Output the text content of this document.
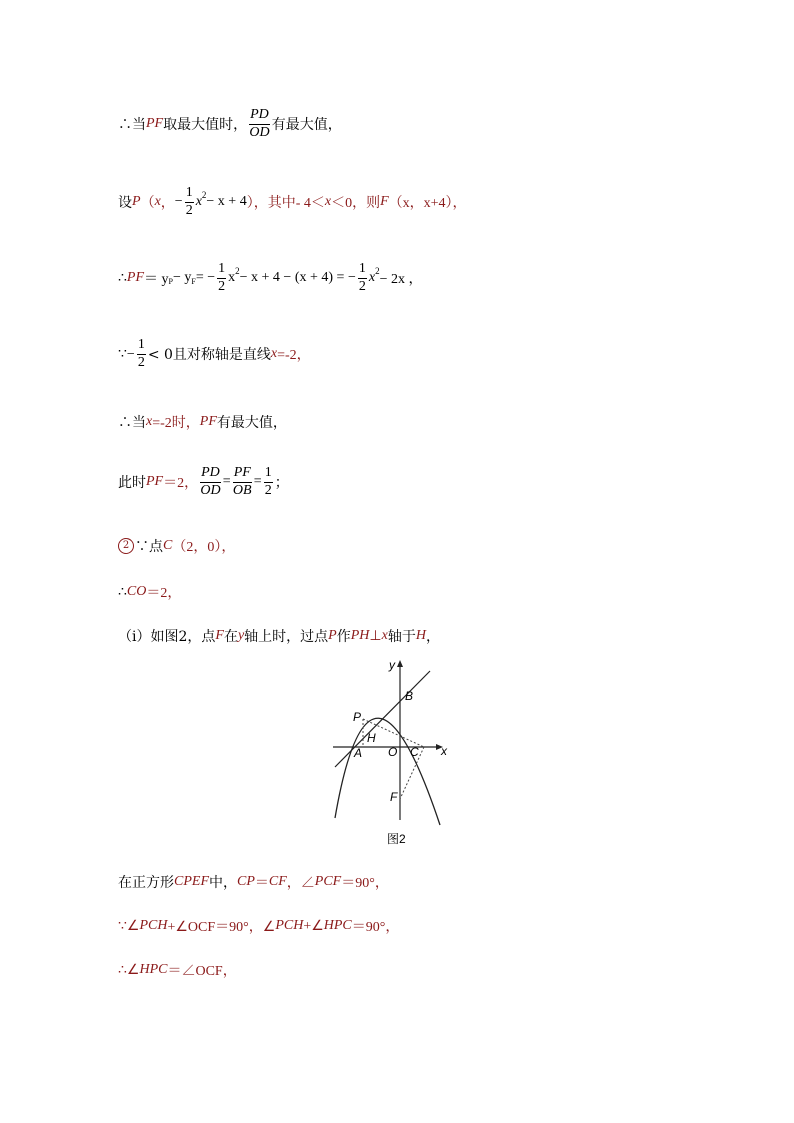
∴当 PF 取最大值时， $\frac{PD}{OD}$ 有最大值，
设 P （ x ， − $\frac{1}{2}$ x 2 − x + 4 ），其中- 4＜ x ＜0，则 F （x，x+4），
∴ PF ＝ y P − y F = − $\frac{1}{2}$ x 2 − x + 4 − (x + 4) = − $\frac{1}{2}$ x 2
− 2x ，
∵− $\frac{1}{2} < 0$且对称轴是直线 x =-2，
∴当 x =-2时， PF 有最大值，
此时 PF ＝2， $\frac{PD}{OD} = \frac{PF}{OB} = \frac{1}{2}$ ；
2 ∵点 C （2，0），
∴ CO ＝2，
（i）如图2，点 F 在 y 轴上时，过点 P 作 PH ⊥ x 轴于 H ，
y
x
B
P
H
A O C
F
图2
在正方形 CPEF 中， CP ＝ CF ，∠ PCF ＝90°，
∵∠ PCH +∠OCF＝90°，∠ PCH +∠ HPC ＝90°，
∴∠ HPC ＝∠OCF，
